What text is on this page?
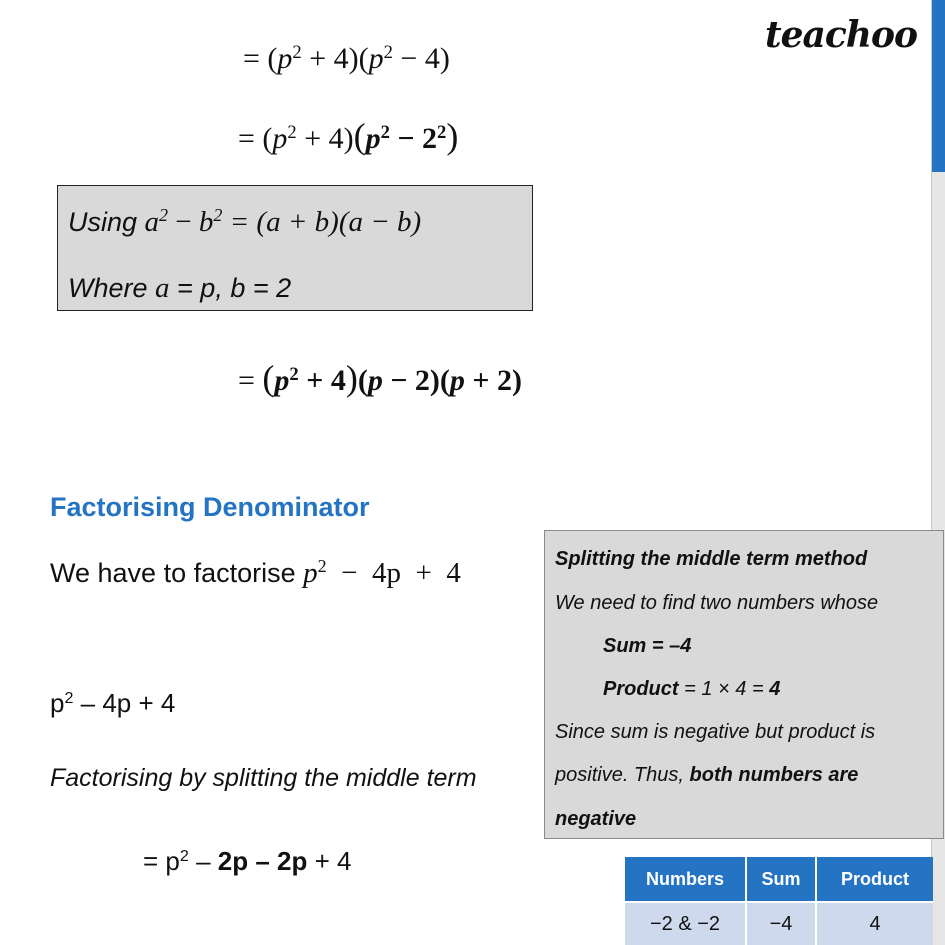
teachoo
= $(p^2 + 4)(p^2 - 4)$
= $(p^2 + 4)(p^2 - 2^2)$
Using $a^2 - b^2 = (a + b)(a - b)$
Where a = p, b = 2
= $(p^2 + 4)(p - 2)(p + 2)$
Factorising Denominator
We have to factorise $p^2 - 4p + 4$
$p^2 - 4p + 4$
Factorising by splitting the middle term
= $p^2 - 2p - 2p + 4$
Splitting the middle term method
We need to find two numbers whose
Sum = –4
Product = 1 × 4 = 4
Since sum is negative but product is
positive. Thus, both numbers are
negative
Numbers	Sum	Product
−2 & −2	−4	4
